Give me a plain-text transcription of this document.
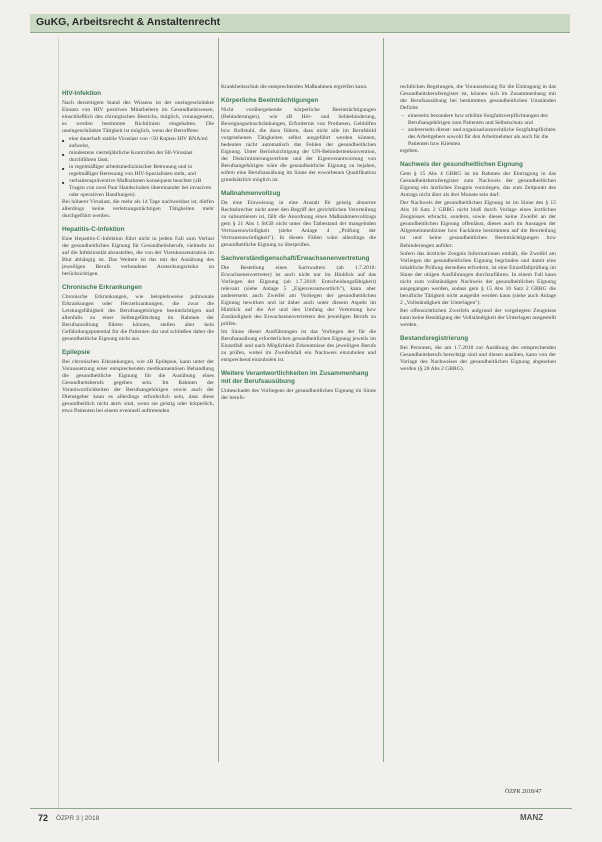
GuKG, Arbeitsrecht & Anstaltenrecht
HIV-Infektion

Nach derzeitigem Stand des Wissens ist der uneingeschränkte Einsatz von HIV positiven Mitarbeitern im Gesundheitswesen, einschließlich des chirurgischen Bereichs, möglich, vorausgesetzt, es werden bestimmte Richtlinien eingehalten. Die uneingeschränkte Tätigkeit ist möglich, wenn der Betroffene:

■ eine dauerhaft stabile Viruslast von <50 Kopien HIV RNA/ml aufweist,
■ mindestens vierteljährliche Kontrollen der HI-Viruslast durchführen lässt,
■ in regelmäßiger arbeitsmedizinischer Betreuung und in regelmäßiger Betreuung von HIV-Spezialisten steht, und
■ verhaltenspräventive Maßnahmen konsequent beachtet (zB Tragen von zwei Paar Handschuhen übereinander bei invasiven oder operativen Handlungen).

Bei höherer Viruslast, die mehr als 14 Tage nachweisbar ist, dürfen allerdings keine verletzungsträchtigen Tätigkeiten mehr durchgeführt werden.

Hepatitis-C-Infektion

Eine Hepatitis-C-Infektion führt nicht in jedem Fall zum Verlust der gesundheitlichen Eignung für Gesundheitsberufe, vielmehr ist auf die Infektiosität abzustellen, die von der Virenkonzentration im Blut abhängig ist. Das Weitere ist das mit der Ausübung des jeweiligen Berufs verbundene Ansteckungsrisiko zu berücksichtigen.

Chronische Erkrankungen

Chronische Erkrankungen, wie beispielsweise pulmonale Erkrankungen oder Herzerkrankungen, die zwar die Leistungsfähigkeit des Berufsangehörigen beeinträchtigen und allenfalls zu einer Selbstgefährdung im Rahmen der Berufsausübung führen können, stellen aber kein Gefährdungspotential für die Patienten dar und schließen daher die gesundheitliche Eignung nicht aus.

Epilepsie

Bei chronischen Erkrankungen, wie zB Epilepsie, kann unter der Voraussetzung einer entsprechenden medikamentösen Behandlung die gesundheitliche Eignung für die Ausübung eines Gesundheitsberufs gegeben sein. Im Rahmen der Verantwortlichkeiten der Berufsangehörigen sowie auch der Dienstgeber kann es allerdings erforderlich sein, dass diese gesundheitlich nicht aktiv sind, wenn sie geistig oder körperlich, etwa Patienten bei einem eventuell auftretenden

Krankheitsschub die entsprechenden Maßnahmen ergreifen kann.

Körperliche Beeinträchtigungen

Nicht vorübergehende körperliche Beeinträchtigungen (Behinderungen), wie zB Hör- und Sehbehinderung, Bewegungseinschränkungen, Erfordernis von Prothesen, Gehhilfen bzw Rollstuhl, die dazu führen, dass nicht alle im Berufsbild vorgesehenen Tätigkeiten selbst ausgeführt werden können, bedeuten nicht automatisch das Fehlen der gesundheitlichen Eignung. Unter Berücksichtigung der UN-Behindertenkonvention, der Diskriminierungsverbote und der Eigenverantwortung von Berufsangehörigen wäre die gesundheitliche Eignung zu bejahen, sofern eine Berufsausübung im Sinne der erworbenen Qualifikation grundsätzlich möglich ist.

Maßnahmenvollzug

Da eine Einweisung in eine Anstalt für geistig abnorme Rechtsbrecher nicht unter den Begriff der gerichtlichen Verurteilung zu subsumieren ist, fällt die Anordnung eines Maßnahmenvollzugs gem § 21 Abs 1 StGB nicht unter den Tatbestand der mangelnden Vertrauenswürdigkeit (siehe Anlage 4 „Prüfung der Vertrauenswürdigkeit"). In diesen Fällen wäre allerdings die gesundheitliche Eignung zu überprüfen.

Sachverständigenschaft/Erwachsenenvertretung

Die Bestellung eines Sachwalters (ab 1.7.2018: Erwachsenenvertreter) ist auch nicht nur im Hinblick auf das Vorliegen der Eignung (ab 1.7.2018: Entscheidungsfähigkeit) relevant (siehe Anlage 5 „Eigenverantwortlich"), kann aber andererseits auch Zweifel am Vorliegen der gesundheitlichen Eignung bewirken und ist daher auch unter diesem Aspekt im Hinblick auf die Art und den Umfang der Vertretung bzw Zuständigkeit des Erwachsenenvertreters des jeweiligen Berufs zu prüfen.

Im Sinne dieser Ausführungen ist das Vorliegen der für die Berufsausübung erforderlichen gesundheitlichen Eignung jeweils im Einzelfall und nach Möglichkeit Erkenntnisse des jeweiligen Berufs zu prüfen, wobei im Zweifelsfall ein Nachweis einzuholen und entsprechend einzuholen ist.

Weitere Verantwortlichkeiten im Zusammenhang mit der Berufsausübung

Unbeschadet des Vorliegens der gesundheitlichen Eignung im Sinne der berufs-

rechtlichen Regelungen, die Voraussetzung für die Eintragung in das Gesundheitsberuferegister ist, können sich im Zusammenhang mit der Berufsausübung bei bestimmten gesundheitlichen Umständen Defizite

– einerseits besondere bzw erhöhte Sorgfaltsverpflichtungen des Berufsangehörigen zum Patienten und Selbstschutz und
– andererseits dienst- und organisationsrechtliche Sorgfaltspflichten des Arbeitgebers sowohl für den Arbeitnehmer als auch für die Patienten bzw Klienten

ergeben.

Nachweis der gesundheitlichen Eignung

Gem § 15 Abs 4 GBRG ist im Rahmen der Eintragung in das Gesundheitsberuferegister zum Nachweis der gesundheitlichen Eignung ein ärztliches Zeugnis vorzulegen, das zum Zeitpunkt des Antrags nicht älter als drei Monate sein darf.

Der Nachweis der gesundheitlichen Eignung ist im Sinne des § 15 Abs 10 Satz 2 GBRG nicht bloß durch Vorlage eines ärztlichen Zeugnisses erbracht, sondern, sowie dieses keine Zweifel an der gesundheitlichen Eignung offenlässt, dieses auch im Aussagen der Allgemeinmediziner bzw Fachärzte bestimmten auf die Beurteilung ist und keine gesundheitlichen Beeinträchtigungen bzw Behinderungen auführt.

Sofern das ärztliche Zeugnis Informationen enthält, die Zweifel am Vorliegen der gesundheitlichen Eignung begründen und damit eine inhaltliche Prüfung derselben erfordern, ist eine Einzelfallprüfung im Sinne der obigen Ausführungen durchzuführen. In einem Fall kann nicht zum vollständigen Nachweis der gesundheitlichen Eignung ausgegangen werden, sodass gem § 15 Abs 10 Satz 2 GBRG die berufliche Tätigkeit nicht ausgeübt werden kann (siehe auch Anlage 2 „Vollständigkeit der Unterlagen").

Bei offensichtlichen Zweifeln aufgrund der vorgelegten Zeugnisse kann keine Bestätigung der Vollständigkeit der Unterlagen ausgestellt werden.

Bestandsregistrierung

Bei Personen, die am 1.7.2018 zur Ausübung des entsprechenden Gesundheitsberufs berechtigt sind und diesen ausüben, kann von der Vorlage des Nachweises der gesundheitlichen Eignung abgesehen werden (§ 28 Abs 2 GBRG).

ÖZPR 2018/47
72 ÖZPR 3 | 2018	MANZ
